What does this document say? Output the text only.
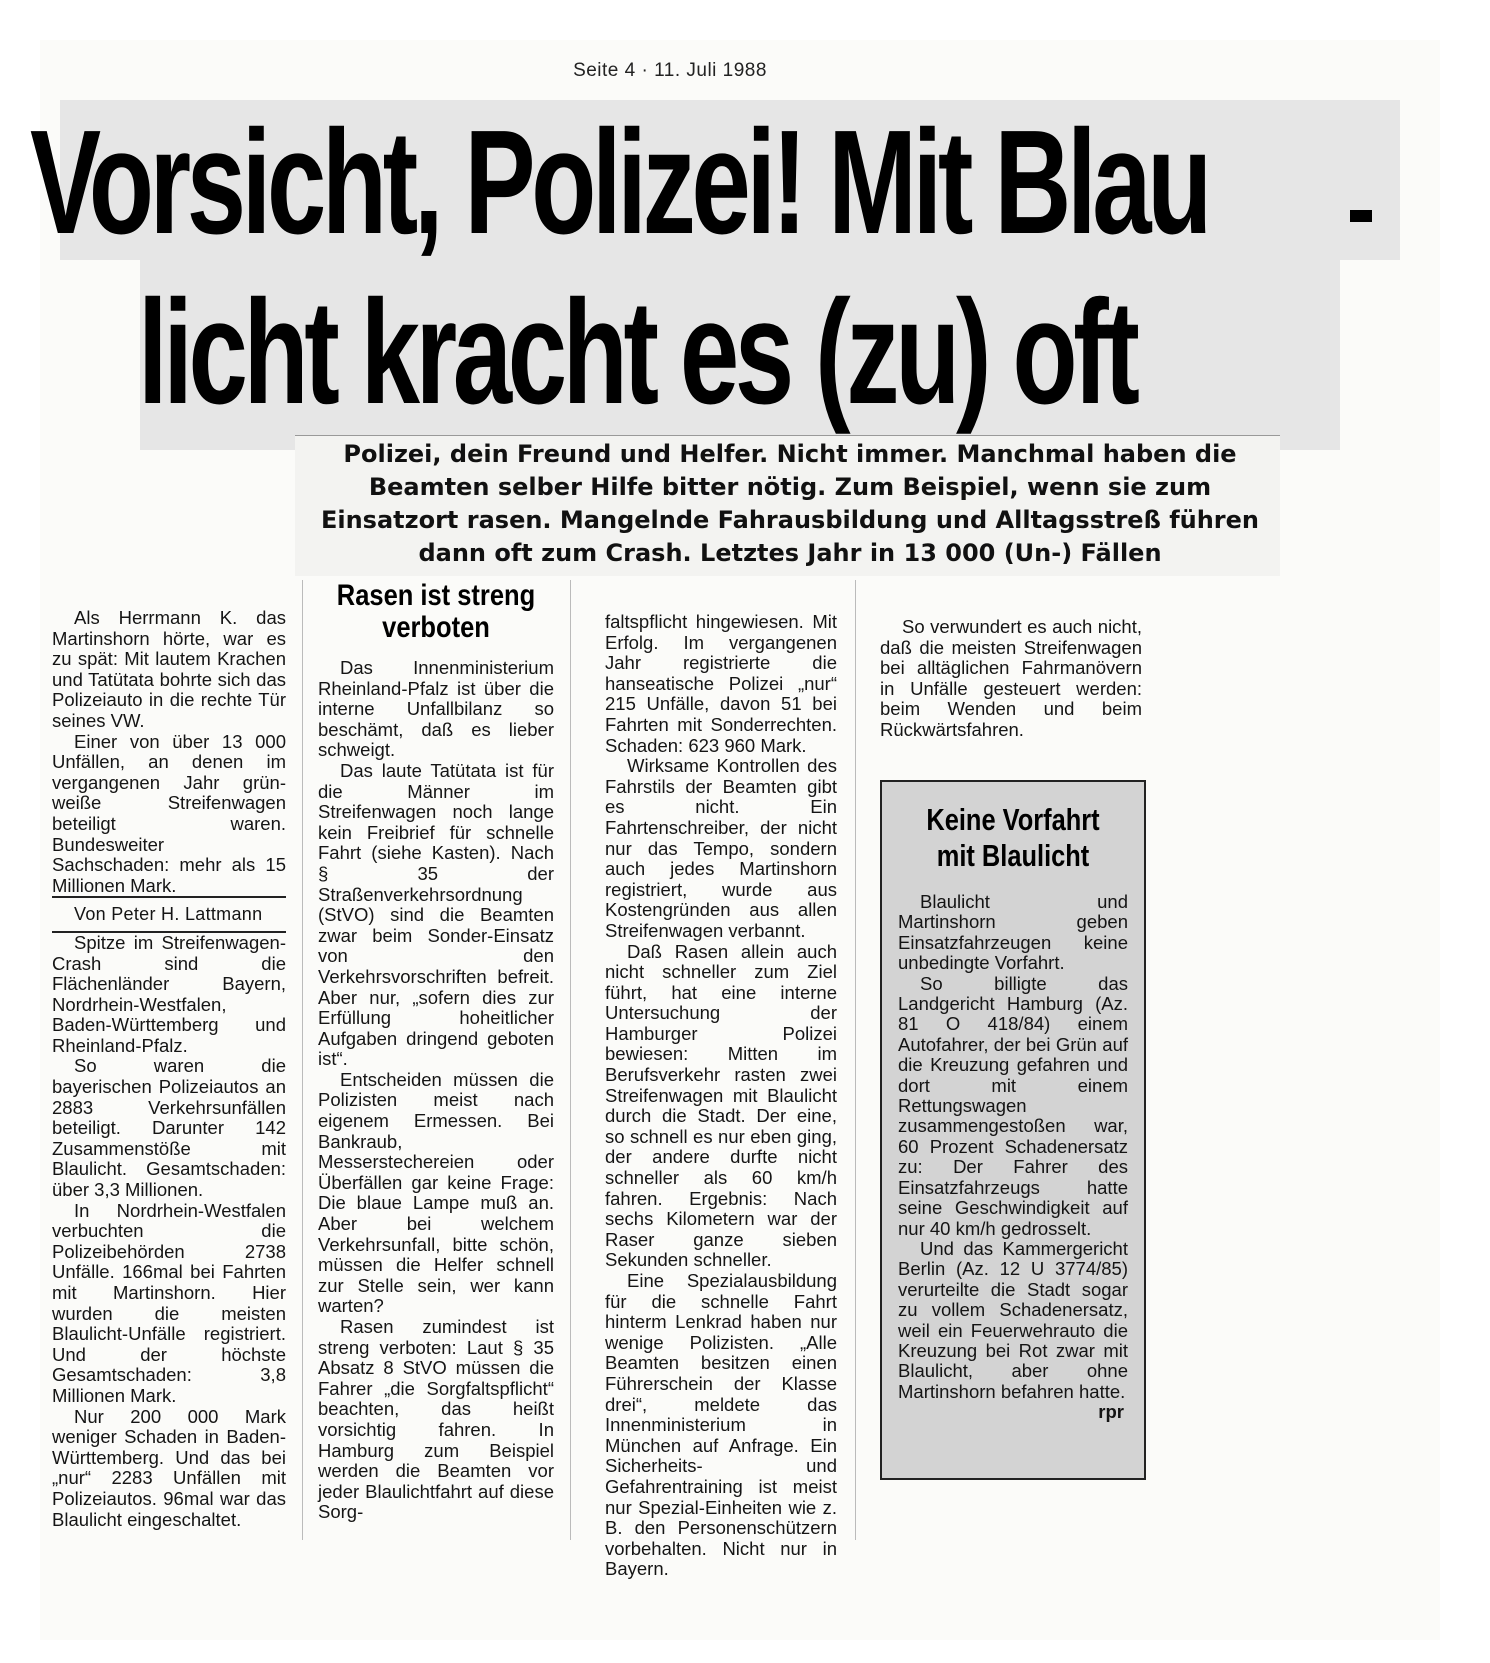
Seite 4 · 11. Juli 1988
Vorsicht, Polizei! Mit Blau
licht kracht es (zu) oft
Polizei, dein Freund und Helfer. Nicht immer. Manchmal haben die Beamten selber Hilfe bitter nötig. Zum Beispiel, wenn sie zum Einsatzort rasen. Mangelnde Fahrausbildung und Alltagsstreß führen dann oft zum Crash. Letztes Jahr in 13 000 (Un-) Fällen

Als Herrmann K. das Martinshorn hörte, war es zu spät: Mit lautem Krachen und Tatütata bohrte sich das Polizeiauto in die rechte Tür seines VW.

Einer von über 13 000 Unfällen, an denen im vergangenen Jahr grün-weiße Streifenwagen beteiligt waren. Bundesweiter Sachschaden: mehr als 15 Millionen Mark.

Von Peter H. Lattmann

Spitze im Streifenwagen-Crash sind die Flächenländer Bayern, Nordrhein-Westfalen, Baden-Württemberg und Rheinland-Pfalz.

So waren die bayerischen Polizeiautos an 2883 Verkehrsunfällen beteiligt. Darunter 142 Zusammenstöße mit Blaulicht. Gesamtschaden: über 3,3 Millionen.

In Nordrhein-Westfalen verbuchten die Polizeibehörden 2738 Unfälle. 166mal bei Fahrten mit Martinshorn. Hier wurden die meisten Blaulicht-Unfälle registriert. Und der höchste Gesamtschaden: 3,8 Millionen Mark.

Nur 200 000 Mark weniger Schaden in Baden-Württemberg. Und das bei „nur“ 2283 Unfällen mit Polizeiautos. 96mal war das Blaulicht eingeschaltet.

Rasen ist streng verboten

Das Innenministerium Rheinland-Pfalz ist über die interne Unfallbilanz so beschämt, daß es lieber schweigt.

Das laute Tatütata ist für die Männer im Streifenwagen noch lange kein Freibrief für schnelle Fahrt (siehe Kasten). Nach § 35 der Straßenverkehrsordnung (StVO) sind die Beamten zwar beim Sonder-Einsatz von den Verkehrsvorschriften befreit. Aber nur, „sofern dies zur Erfüllung hoheitlicher Aufgaben dringend geboten ist“.

Entscheiden müssen die Polizisten meist nach eigenem Ermessen. Bei Bankraub, Messerstechereien oder Überfällen gar keine Frage: Die blaue Lampe muß an. Aber bei welchem Verkehrsunfall, bitte schön, müssen die Helfer schnell zur Stelle sein, wer kann warten?

Rasen zumindest ist streng verboten: Laut § 35 Absatz 8 StVO müssen die Fahrer „die Sorgfaltspflicht“ beachten, das heißt vorsichtig fahren. In Hamburg zum Beispiel werden die Beamten vor jeder Blaulichtfahrt auf diese Sorg-

faltspflicht hingewiesen. Mit Erfolg. Im vergangenen Jahr registrierte die hanseatische Polizei „nur“ 215 Unfälle, davon 51 bei Fahrten mit Sonderrechten. Schaden: 623 960 Mark.

Wirksame Kontrollen des Fahrstils der Beamten gibt es nicht. Ein Fahrtenschreiber, der nicht nur das Tempo, sondern auch jedes Martinshorn registriert, wurde aus Kostengründen aus allen Streifenwagen verbannt.

Daß Rasen allein auch nicht schneller zum Ziel führt, hat eine interne Untersuchung der Hamburger Polizei bewiesen: Mitten im Berufsverkehr rasten zwei Streifenwagen mit Blaulicht durch die Stadt. Der eine, so schnell es nur eben ging, der andere durfte nicht schneller als 60 km/h fahren. Ergebnis: Nach sechs Kilometern war der Raser ganze sieben Sekunden schneller.

Eine Spezialausbildung für die schnelle Fahrt hinterm Lenkrad haben nur wenige Polizisten. „Alle Beamten besitzen einen Führerschein der Klasse drei“, meldete das Innenministerium in München auf Anfrage. Ein Sicherheits- und Gefahrentraining ist meist nur Spezial-Einheiten wie z. B. den Personenschützern vorbehalten. Nicht nur in Bayern.

So verwundert es auch nicht, daß die meisten Streifenwagen bei alltäglichen Fahrmanövern in Unfälle gesteuert werden: beim Wenden und beim Rückwärtsfahren.

Keine Vorfahrt mit Blaulicht

Blaulicht und Martinshorn geben Einsatzfahrzeugen keine unbedingte Vorfahrt.

So billigte das Landgericht Hamburg (Az. 81 O 418/84) einem Autofahrer, der bei Grün auf die Kreuzung gefahren und dort mit einem Rettungswagen zusammengestoßen war, 60 Prozent Schadenersatz zu: Der Fahrer des Einsatzfahrzeugs hatte seine Geschwindigkeit auf nur 40 km/h gedrosselt.

Und das Kammergericht Berlin (Az. 12 U 3774/85) verurteilte die Stadt sogar zu vollem Schadenersatz, weil ein Feuerwehrauto die Kreuzung bei Rot zwar mit Blaulicht, aber ohne Martinshorn befahren hatte.

rpr
